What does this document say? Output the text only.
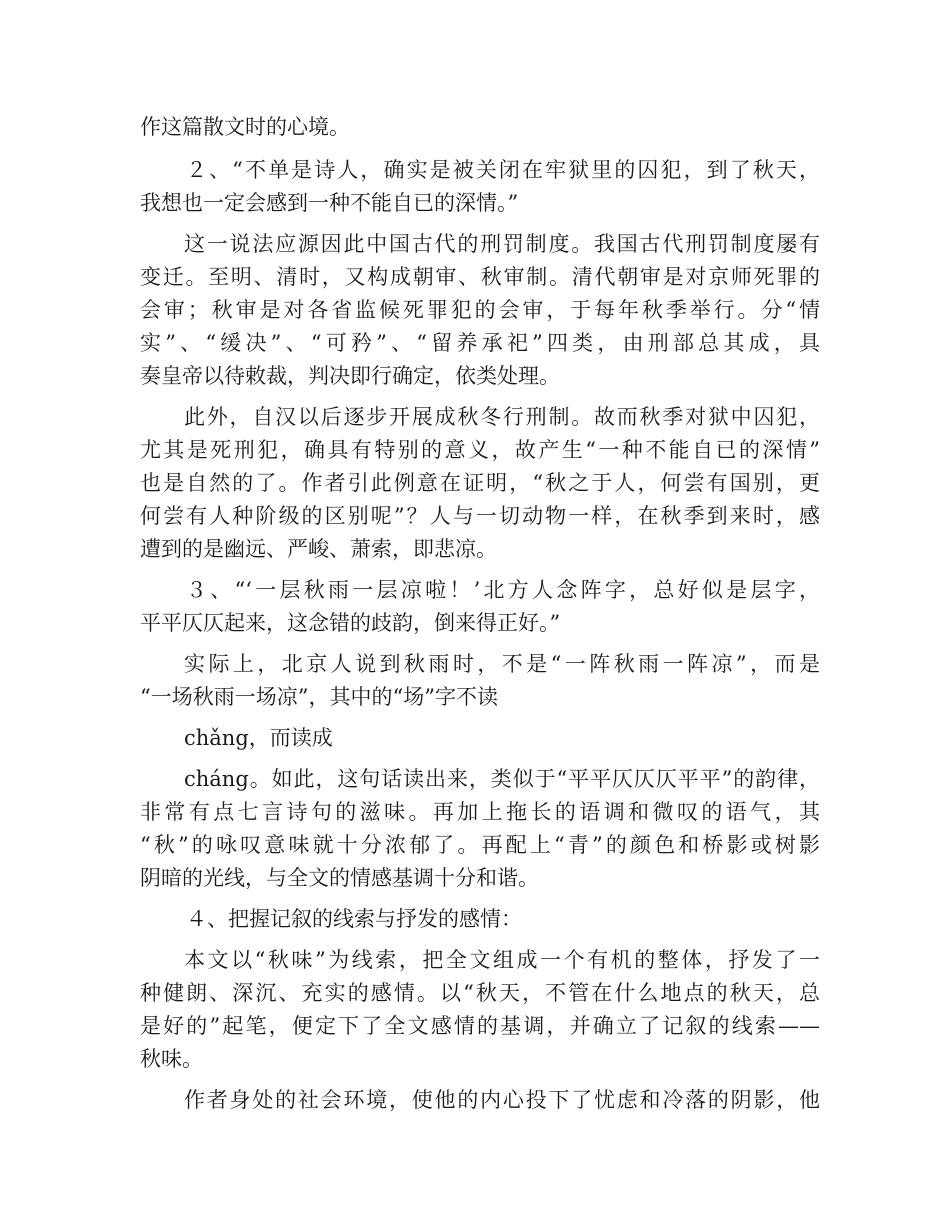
作这篇散文时的心境。
２、“不单是诗人，确实是被关闭在牢狱里的囚犯，到了秋天，
我想也一定会感到一种不能自已的深情。”
这一说法应源因此中国古代的刑罚制度。我国古代刑罚制度屡有
变迁。至明、清时，又构成朝审、秋审制。清代朝审是对京师死罪的
会审；秋审是对各省监候死罪犯的会审，于每年秋季举行。分“情
实”、“缓决”、“可矜”、“留养承祀”四类，由刑部总其成，具
奏皇帝以待敕裁，判决即行确定，依类处理。
此外，自汉以后逐步开展成秋冬行刑制。故而秋季对狱中囚犯，
尤其是死刑犯，确具有特别的意义，故产生“一种不能自已的深情”
也是自然的了。作者引此例意在证明，“秋之于人，何尝有国别，更
何尝有人种阶级的区别呢”？人与一切动物一样，在秋季到来时，感
遭到的是幽远、严峻、萧索，即悲凉。
３、“‘一层秋雨一层凉啦！’北方人念阵字，总好似是层字，
平平仄仄起来，这念错的歧韵，倒来得正好。”
实际上，北京人说到秋雨时，不是“一阵秋雨一阵凉”，而是
“一场秋雨一场凉”，其中的“场”字不读
chǎng，而读成
cháng。如此，这句话读出来，类似于“平平仄仄仄平平”的韵律，
非常有点七言诗句的滋味。再加上拖长的语调和微叹的语气，其
“秋”的咏叹意味就十分浓郁了。再配上“青”的颜色和桥影或树影
阴暗的光线，与全文的情感基调十分和谐。
４、把握记叙的线索与抒发的感情：
本文以“秋味”为线索，把全文组成一个有机的整体，抒发了一
种健朗、深沉、充实的感情。以“秋天，不管在什么地点的秋天，总
是好的”起笔，便定下了全文感情的基调，并确立了记叙的线索——
秋味。
作者身处的社会环境，使他的内心投下了忧虑和冷落的阴影，他
